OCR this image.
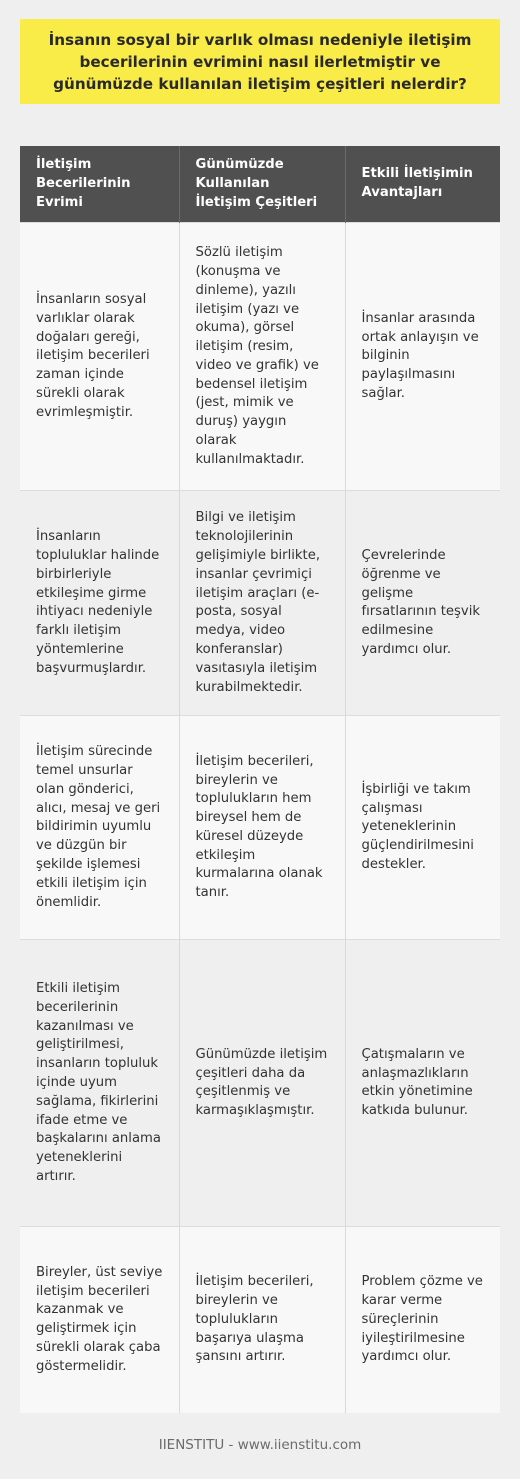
İnsanın sosyal bir varlık olması nedeniyle iletişim becerilerinin evrimini nasıl ilerletmiştir ve günümüzde kullanılan iletişim çeşitleri nelerdir?
İletişim Becerilerinin Evrimi	Günümüzde Kullanılan İletişim Çeşitleri	Etkili İletişimin Avantajları
İnsanların sosyal varlıklar olarak doğaları gereği, iletişim becerileri zaman içinde sürekli olarak evrimleşmiştir.	Sözlü iletişim (konuşma ve dinleme), yazılı iletişim (yazı ve okuma), görsel iletişim (resim, video ve grafik) ve bedensel iletişim (jest, mimik ve duruş) yaygın olarak kullanılmaktadır.	İnsanlar arasında ortak anlayışın ve bilginin paylaşılmasını sağlar.
İnsanların topluluklar halinde birbirleriyle etkileşime girme ihtiyacı nedeniyle farklı iletişim yöntemlerine başvurmuşlardır.	Bilgi ve iletişim teknolojilerinin gelişimiyle birlikte, insanlar çevrimiçi iletişim araçları (e-posta, sosyal medya, video konferanslar) vasıtasıyla iletişim kurabilmektedir.	Çevrelerinde öğrenme ve gelişme fırsatlarının teşvik edilmesine yardımcı olur.
İletişim sürecinde temel unsurlar olan gönderici, alıcı, mesaj ve geri bildirimin uyumlu ve düzgün bir şekilde işlemesi etkili iletişim için önemlidir.	İletişim becerileri, bireylerin ve toplulukların hem bireysel hem de küresel düzeyde etkileşim kurmalarına olanak tanır.	İşbirliği ve takım çalışması yeteneklerinin güçlendirilmesini destekler.
Etkili iletişim becerilerinin kazanılması ve geliştirilmesi, insanların topluluk içinde uyum sağlama, fikirlerini ifade etme ve başkalarını anlama yeteneklerini artırır.	Günümüzde iletişim çeşitleri daha da çeşitlenmiş ve karmaşıklaşmıştır.	Çatışmaların ve anlaşmazlıkların etkin yönetimine katkıda bulunur.
Bireyler, üst seviye iletişim becerileri kazanmak ve geliştirmek için sürekli olarak çaba göstermelidir.	İletişim becerileri, bireylerin ve toplulukların başarıya ulaşma şansını artırır.	Problem çözme ve karar verme süreçlerinin iyileştirilmesine yardımcı olur.
IIENSTITU - www.iienstitu.com
